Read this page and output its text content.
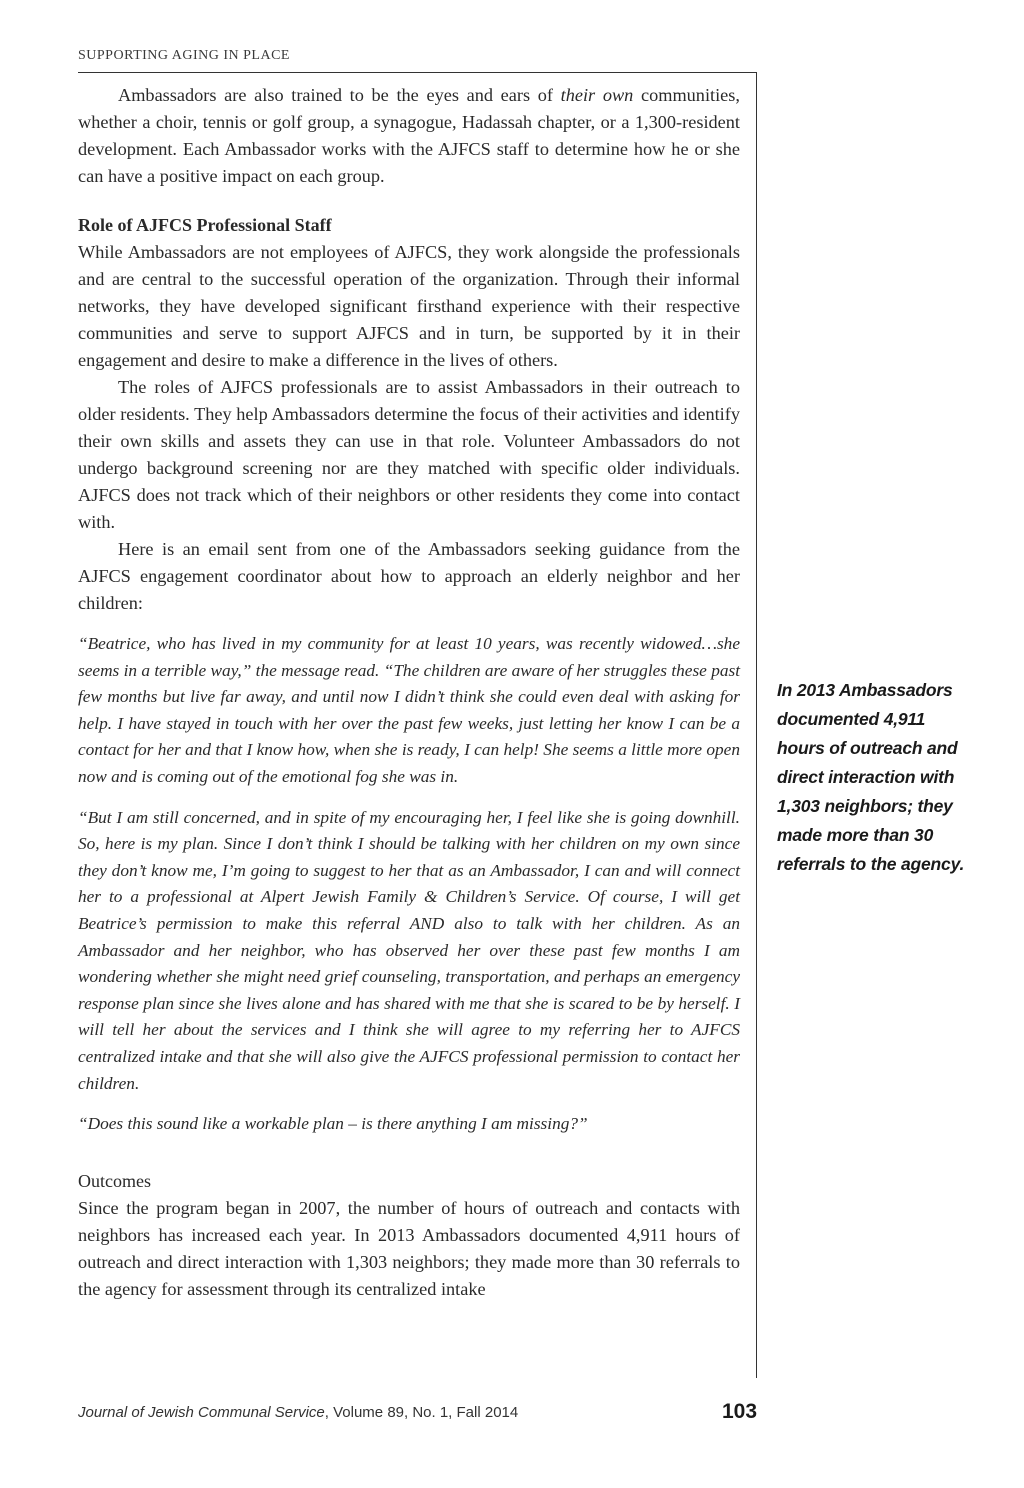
SUPPORTING AGING IN PLACE

Ambassadors are also trained to be the eyes and ears of their own communities, whether a choir, tennis or golf group, a synagogue, Hadassah chapter, or a 1,300-resident development. Each Ambassador works with the AJFCS staff to determine how he or she can have a positive impact on each group.

Role of AJFCS Professional Staff

While Ambassadors are not employees of AJFCS, they work alongside the professionals and are central to the successful operation of the organization. Through their informal networks, they have developed significant firsthand experience with their respective communities and serve to support AJFCS and in turn, be supported by it in their engagement and desire to make a difference in the lives of others.

The roles of AJFCS professionals are to assist Ambassadors in their outreach to older residents. They help Ambassadors determine the focus of their activities and identify their own skills and assets they can use in that role. Volunteer Ambassadors do not undergo background screening nor are they matched with specific older individuals. AJFCS does not track which of their neighbors or other residents they come into contact with.

Here is an email sent from one of the Ambassadors seeking guidance from the AJFCS engagement coordinator about how to approach an elderly neighbor and her children:

“Beatrice, who has lived in my community for at least 10 years, was recently widowed…she seems in a terrible way,” the message read. “The children are aware of her struggles these past few months but live far away, and until now I didn’t think she could even deal with asking for help. I have stayed in touch with her over the past few weeks, just letting her know I can be a contact for her and that I know how, when she is ready, I can help! She seems a little more open now and is coming out of the emotional fog she was in.

“But I am still concerned, and in spite of my encouraging her, I feel like she is going downhill. So, here is my plan. Since I don’t think I should be talking with her children on my own since they don’t know me, I’m going to suggest to her that as an Ambassador, I can and will connect her to a professional at Alpert Jewish Family & Children’s Service. Of course, I will get Beatrice’s permission to make this referral AND also to talk with her children. As an Ambassador and her neighbor, who has observed her over these past few months I am wondering whether she might need grief counseling, transportation, and perhaps an emergency response plan since she lives alone and has shared with me that she is scared to be by herself. I will tell her about the services and I think she will agree to my referring her to AJFCS centralized intake and that she will also give the AJFCS professional permission to contact her children.

“Does this sound like a workable plan – is there anything I am missing?”

Outcomes

Since the program began in 2007, the number of hours of outreach and contacts with neighbors has increased each year. In 2013 Ambassadors documented 4,911 hours of outreach and direct interaction with 1,303 neighbors; they made more than 30 referrals to the agency for assessment through its centralized intake

In 2013 Ambassadors documented 4,911 hours of outreach and direct interaction with 1,303 neighbors; they made more than 30 referrals to the agency.
Journal of Jewish Communal Service, Volume 89, No. 1, Fall 2014	103
